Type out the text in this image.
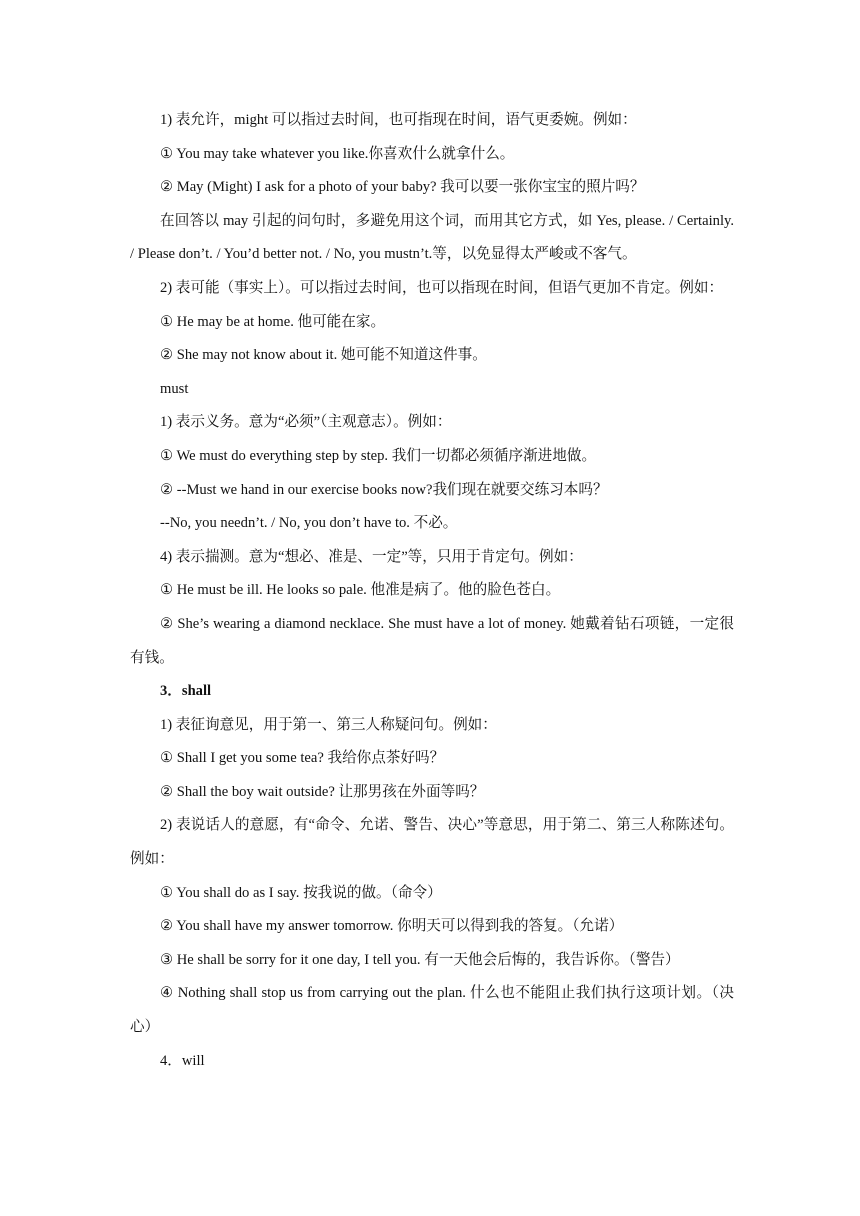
1) 表允许，might 可以指过去时间，也可指现在时间，语气更委婉。例如：
① You may take whatever you like.你喜欢什么就拿什么。
② May (Might) I ask for a photo of your baby? 我可以要一张你宝宝的照片吗？
在回答以 may 引起的问句时，多避免用这个词，而用其它方式，如 Yes, please. / Certainly. / Please don’t. / You’d better not. / No, you mustn’t.等，以免显得太严峻或不客气。
2) 表可能（事实上）。可以指过去时间，也可以指现在时间，但语气更加不肯定。例如：
① He may be at home. 他可能在家。
② She may not know about it. 她可能不知道这件事。
must
1) 表示义务。意为“必须”（主观意志）。例如：
① We must do everything step by step. 我们一切都必须循序渐进地做。
② --Must we hand in our exercise books now?我们现在就要交练习本吗？
--No, you needn’t. / No, you don’t have to. 不必。
4) 表示揣测。意为“想必、准是、一定”等，只用于肯定句。例如：
① He must be ill. He looks so pale. 他准是病了。他的脸色苍白。
② She’s wearing a diamond necklace. She must have a lot of money. 她戴着钻石项链，一定很有钱。
3．shall
1) 表征询意见，用于第一、第三人称疑问句。例如：
① Shall I get you some tea? 我给你点茶好吗？
② Shall the boy wait outside? 让那男孩在外面等吗？
2) 表说话人的意愿，有“命令、允诺、警告、决心”等意思，用于第二、第三人称陈述句。例如：
① You shall do as I say. 按我说的做。（命令）
② You shall have my answer tomorrow. 你明天可以得到我的答复。（允诺）
③ He shall be sorry for it one day, I tell you. 有一天他会后悔的，我告诉你。（警告）
④ Nothing shall stop us from carrying out the plan. 什么也不能阻止我们执行这项计划。（决心）
4．will
